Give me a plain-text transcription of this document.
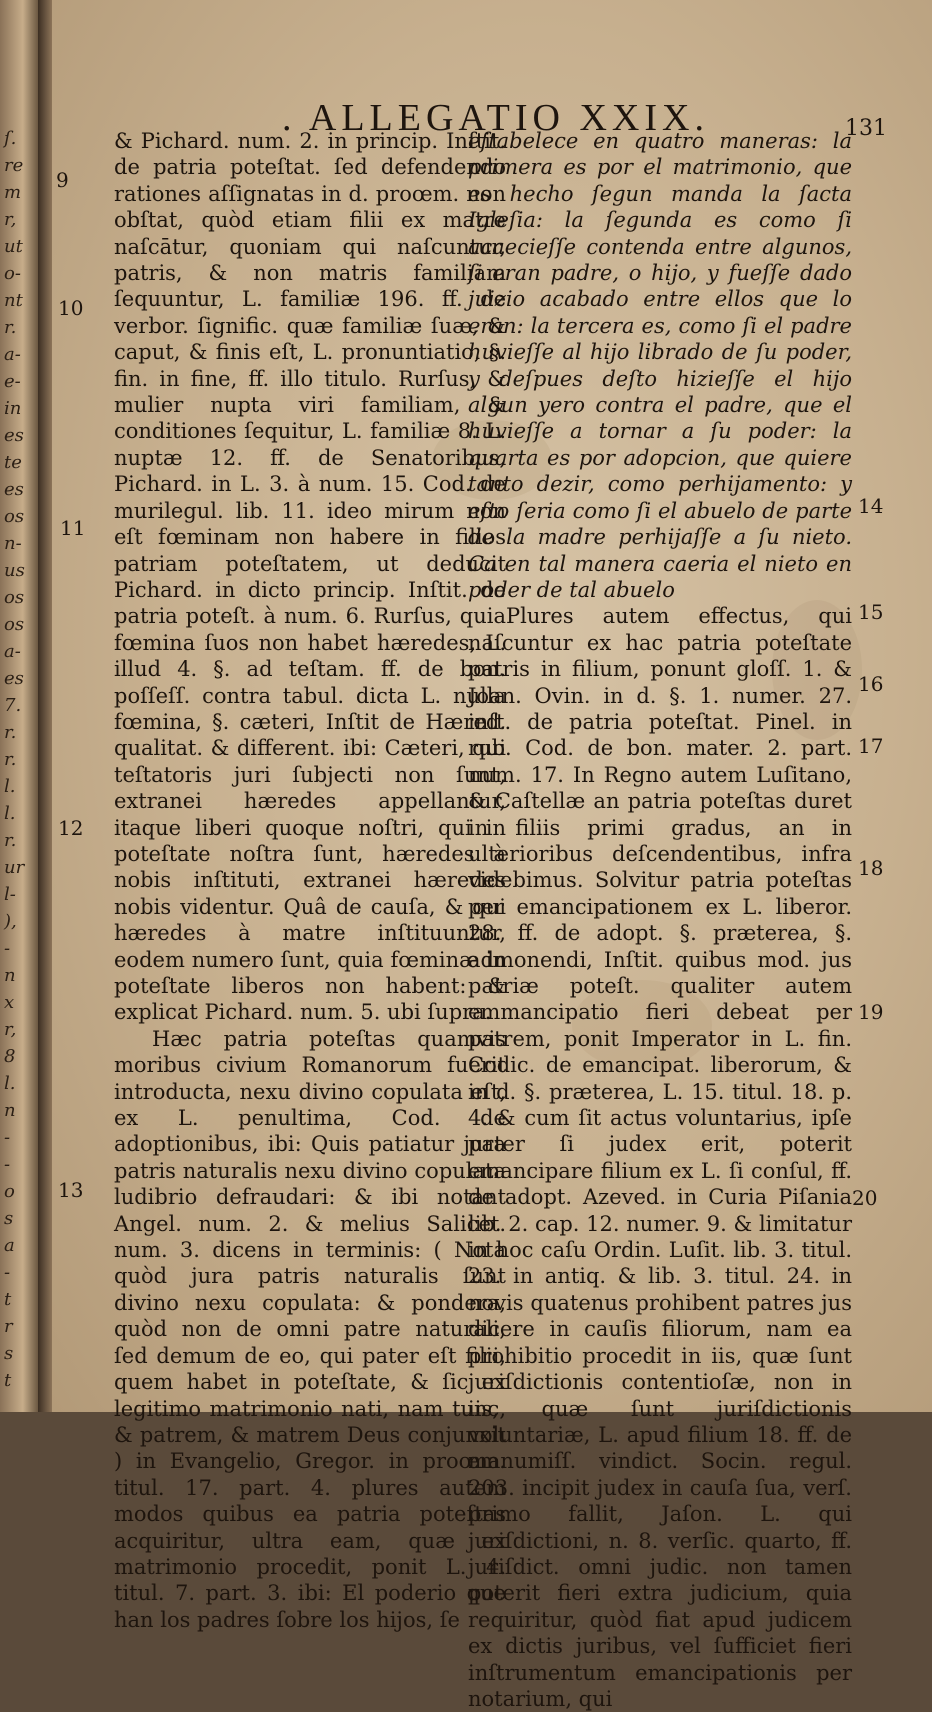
ſ.
re
m
r,
ut
o-
nt
r.
a-
e-
in
es
te
es
os
n-
us
os
os
a-
es
7.
r.
r.
l.
l.
r.
ur
l-
),
-
n
x
r,
8
l.
n
-
-
o
s
a
-
t
r
s
t
. ALLEGATIO XXIX.	131

& Pichard. num. 2. in princip. Inſtit. de patria poteſtat. ſed defendendo rationes aſſignatas in d. proœm. non obſtat, quòd etiam filii ex matre naſcātur, quoniam qui naſcuntur, patris, & non matris familiam ſequuntur, L. familiæ 196. ff. de verbor. ſignific. quæ familiæ ſuæ, & caput, & finis eſt, L. pronuntiatio, §. fin. in fine, ff. illo titulo. Rurſus, & mulier nupta viri familiam, & conditiones ſequitur, L. familiæ 8. L. nuptæ 12. ff. de Senatoribus, Pichard. in L. 3. à num. 15. Cod. de murilegul. lib. 11. ideo mirum non eſt fœminam non habere in filios patriam poteſtatem, ut deducit Pichard. in dicto princip. Inſtit. de patria poteſt. à num. 6. Rurſus, quia fœmina ſuos non habet hæredes, L. illud 4. §. ad teſtam. ff. de bon. poſſeſſ. contra tabul. dicta L. nulla fœmina, §. cæteri, Inſtit de Hæred. qualitat. & different. ibi: Cæteri, qui teſtatoris juri ſubjecti non ſunt, extranei hæredes appellantur, itaque liberi quoque noſtri, qui in poteſtate noſtra ſunt, hæredes à nobis inſtituti, extranei hæredes nobis videntur. Quâ de cauſa, & qui hæredes à matre inſtituuntur, eodem numero ſunt, quia fœminæ in poteſtate liberos non habent: & explicat Pichard. num. 5. ubi ſupra.

Hæc patria poteſtas quamvis moribus civium Romanorum fuerit introducta, nexu divino copulata eſt, ex L. penultima, Cod. de adoptionibus, ibi: Quis patiatur jura patris naturalis nexu divino copulata ludibrio defraudari: & ibi notant Angel. num. 2. & melius Salicet. num. 3. dicens in terminis: ( Nota quòd jura patris naturalis ſunt divino nexu copulata: & pondera, quòd non de omni patre naturali, ſed demum de eo, qui pater eſt filii, quem habet in poteſtate, & ſic ex legitimo matrimonio nati, nam tunc, & patrem, & matrem Deus conjunxit ) in Evangelio, Gregor. in proœm. titul. 17. part. 4. plures autem modos quibus ea patria poteſtas acquiritur, ultra eam, quæ ex matrimonio procedit, ponit L. 4. titul. 7. part. 3. ibi: El poderio que han los padres ſobre los hijos, ſe

eſtabelece en quatro maneras: la primera es por el matrimonio, que es hecho ſegun manda la ſacta Igleſia: la ſegunda es como ſi acaecieſſe contenda entre algunos, ſi eran padre, o hijo, y fueſſe dado juizio acabado entre ellos que lo eran: la tercera es, como ſi el padre huvieſſe al hijo librado de ſu poder, y deſpues deſto hizieſſe el hijo algun yero contra el padre, que el huvieſſe a tornar a ſu poder: la quarta es por adopcion, que quiere tanto dezir, como perhijamento: y eſto ſeria como ſi el abuelo de parte de la madre perhijaſſe a ſu nieto. Ca en tal manera caeria el nieto en poder de tal abuelo

Plures autem effectus, qui naſcuntur ex hac patria poteſtate patris in filium, ponunt gloſſ. 1. & Joan. Ovin. in d. §. 1. numer. 27. inſt. de patria poteſtat. Pinel. in rub. Cod. de bon. mater. 2. part. num. 17. In Regno autem Luſitano, & Caſtellæ an patria poteſtas duret in filiis primi gradus, an in ulterioribus deſcendentibus, infra videbimus. Solvitur patria poteſtas per emancipationem ex L. liberor. 28. ff. de adopt. §. præterea, §. admonendi, Inſtit. quibus mod. jus patriæ poteſt. qualiter autem emmancipatio fieri debeat per patrem, ponit Imperator in L. fin. Codic. de emancipat. liberorum, & in d. §. præterea, L. 15. titul. 18. p. 4. & cum ſit actus voluntarius, ipſe pater ſi judex erit, poterit emancipare filium ex L. ſi conſul, ff. de adopt. Azeved. in Curia Piſania lib. 2. cap. 12. numer. 9. & limitatur in hoc caſu Ordin. Luſit. lib. 3. titul. 23. in antiq. & lib. 3. titul. 24. in novis quatenus prohibent patres jus dicere in cauſis filiorum, nam ea prohibitio procedit in iis, quæ ſunt juriſdictionis contentioſæ, non in iis, quæ ſunt juriſdictionis voluntariæ, L. apud filium 18. ff. de manumiſſ. vindict. Socin. regul. 203. incipit judex in cauſa ſua, verſ. primo fallit, Jaſon. L. qui juriſdictioni, n. 8. verſic. quarto, ff. juriſdict. omni judic. non tamen poterit fieri extra judicium, quia requiritur, quòd fiat apud judicem ex dictis juribus, vel ſufficiet fieri inſtrumentum emancipationis per notarium, qui

9
10
11
12
13
14
15
16
17
18
19
20
